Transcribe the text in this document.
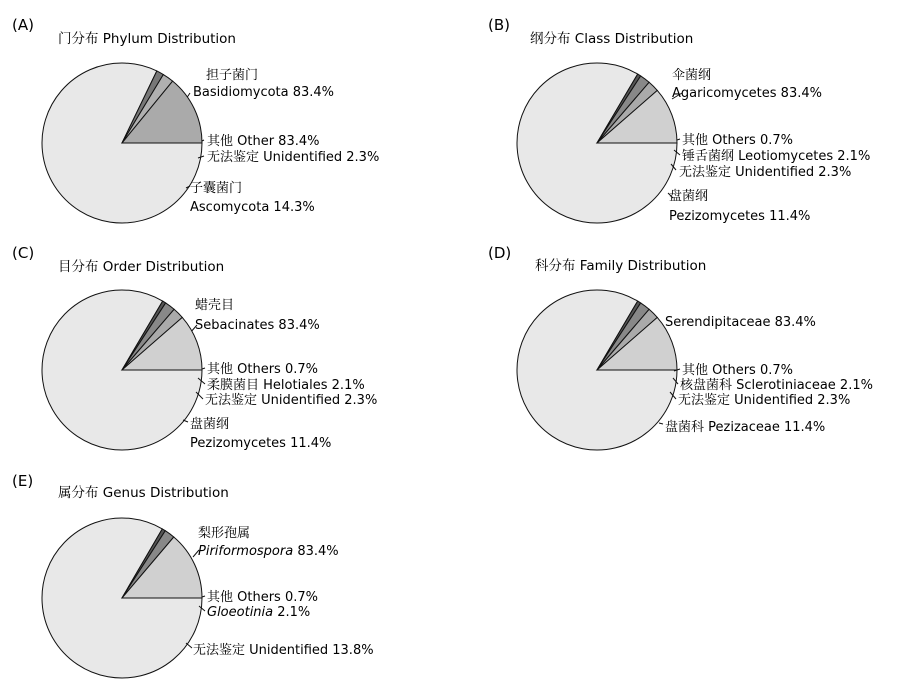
(A)
门分布 Phylum Distribution
担子菌门
Basidiomycota 83.4%
其他 Other 83.4%
无法鉴定 Unidentified 2.3%
子囊菌门
Ascomycota 14.3%
(B)
纲分布 Class Distribution
伞菌纲
Agaricomycetes 83.4%
其他 Others 0.7%
锤舌菌纲 Leotiomycetes 2.1%
无法鉴定 Unidentified 2.3%
盘菌纲
Pezizomycetes 11.4%
(C)
目分布 Order Distribution
蜡壳目
Sebacinates 83.4%
其他 Others 0.7%
柔膜菌目 Helotiales 2.1%
无法鉴定 Unidentified 2.3%
盘菌纲
Pezizomycetes 11.4%
(D)
科分布 Family Distribution
Serendipitaceae 83.4%
其他 Others 0.7%
核盘菌科 Sclerotiniaceae 2.1%
无法鉴定 Unidentified 2.3%
盘菌科 Pezizaceae 11.4%
(E)
属分布 Genus Distribution
梨形孢属
Piriformospora 83.4%
其他 Others 0.7%
Gloeotinia 2.1%
无法鉴定 Unidentified 13.8%
